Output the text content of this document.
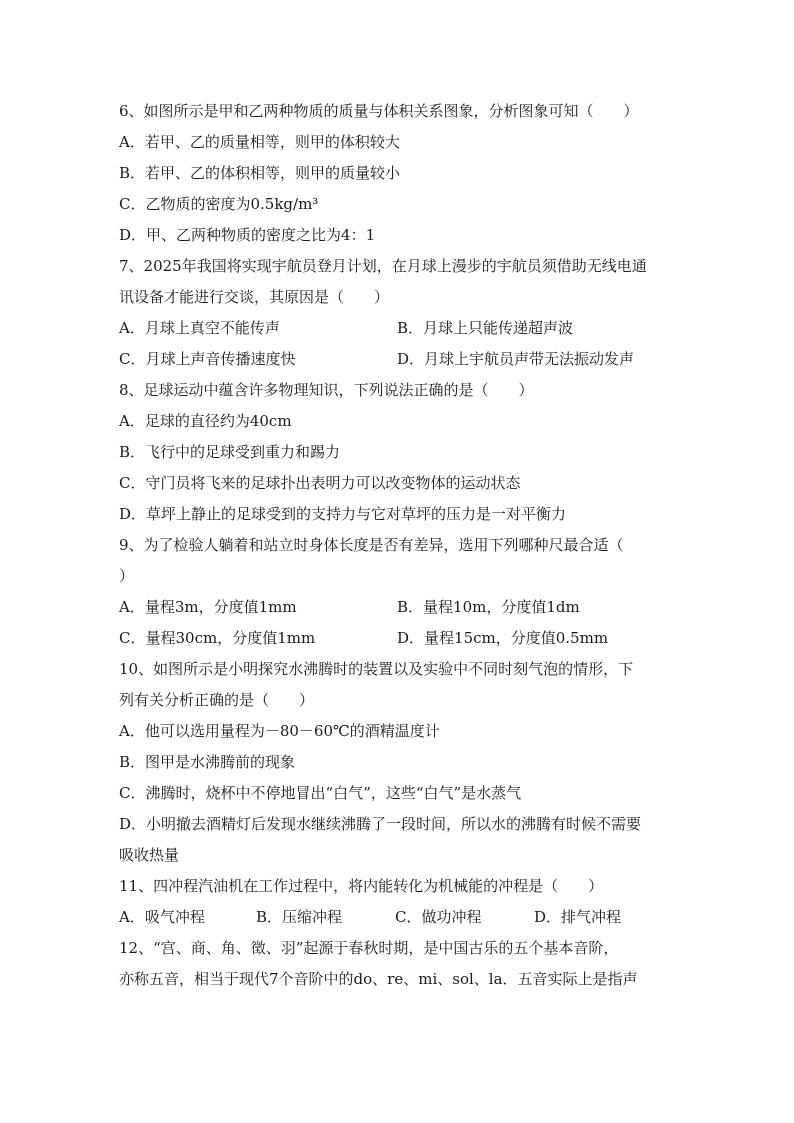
6、如图所示是甲和乙两种物质的质量与体积关系图象，分析图象可知（　　）
A．若甲、乙的质量相等，则甲的体积较大
B．若甲、乙的体积相等，则甲的质量较小
C．乙物质的密度为0.5kg/m³
D．甲、乙两种物质的密度之比为4：1
7、2025年我国将实现宇航员登月计划，在月球上漫步的宇航员须借助无线电通
讯设备才能进行交谈，其原因是（　　）
A．月球上真空不能传声	B．月球上只能传递超声波
C．月球上声音传播速度快	D．月球上宇航员声带无法振动发声
8、足球运动中蕴含许多物理知识，下列说法正确的是（　　）
A．足球的直径约为40cm
B．飞行中的足球受到重力和踢力
C．守门员将飞来的足球扑出表明力可以改变物体的运动状态
D．草坪上静止的足球受到的支持力与它对草坪的压力是一对平衡力
9、为了检验人躺着和站立时身体长度是否有差异，选用下列哪种尺最合适（
）
A．量程3m，分度值1mm	B．量程10m，分度值1dm
C．量程30cm，分度值1mm	D．量程15cm，分度值0.5mm
10、如图所示是小明探究水沸腾时的装置以及实验中不同时刻气泡的情形，下
列有关分析正确的是（　　）
A．他可以选用量程为－80－60℃的酒精温度计
B．图甲是水沸腾前的现象
C．沸腾时，烧杯中不停地冒出“白气”，这些“白气”是水蒸气
D．小明撤去酒精灯后发现水继续沸腾了一段时间，所以水的沸腾有时候不需要
吸收热量
11、四冲程汽油机在工作过程中，将内能转化为机械能的冲程是（　　）
A．吸气冲程	B．压缩冲程	C．做功冲程	D．排气冲程
12、“宫、商、角、徵、羽”起源于春秋时期，是中国古乐的五个基本音阶，
亦称五音，相当于现代7个音阶中的do、re、mi、sol、la．五音实际上是指声
